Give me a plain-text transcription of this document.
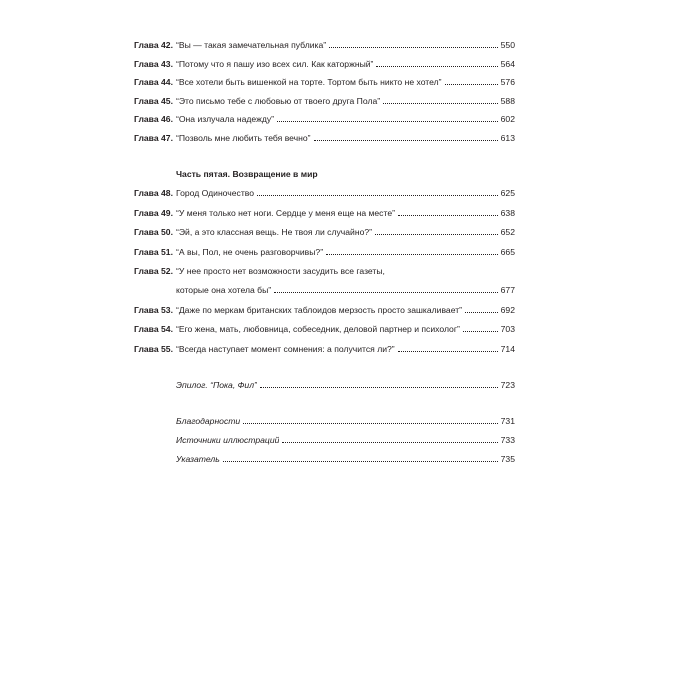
Глава 42. “Вы — такая замечательная публика”	550
Глава 43. “Потому что я пашу изо всех сил. Как каторжный”	564
Глава 44. “Все хотели быть вишенкой на торте. Тортом быть никто не хотел”	576
Глава 45. “Это письмо тебе с любовью от твоего друга Пола”	588
Глава 46. “Она излучала надежду”	602
Глава 47. “Позволь мне любить тебя вечно”	613
Часть пятая. Возвращение в мир
Глава 48. Город Одиночество	625
Глава 49. “У меня только нет ноги. Сердце у меня еще на месте”	638
Глава 50. “Эй, а это классная вещь. Не твоя ли случайно?”	652
Глава 51. “А вы, Пол, не очень разговорчивы?”	665
Глава 52. “У нее просто нет возможности засудить все газеты,
которые она хотела бы”	677
Глава 53. “Даже по меркам британских таблоидов мерзость просто зашкаливает”	692
Глава 54. “Его жена, мать, любовница, собеседник, деловой партнер и психолог”	703
Глава 55. “Всегда наступает момент сомнения: а получится ли?”	714
Эпилог. “Пока, Фил”	723
Благодарности	731
Источники иллюстраций	733
Указатель	735
